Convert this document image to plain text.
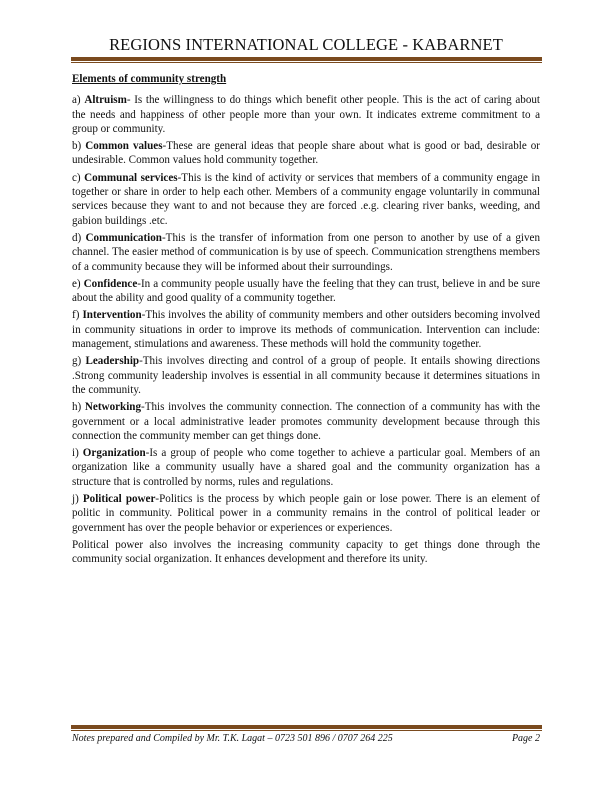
REGIONS INTERNATIONAL COLLEGE - KABARNET
Elements of community strength

a) Altruism- Is the willingness to do things which benefit other people. This is the act of caring about the needs and happiness of other people more than your own. It indicates extreme commitment to a group or community.

b) Common values-These are general ideas that people share about what is good or bad, desirable or undesirable. Common values hold community together.

c) Communal services-This is the kind of activity or services that members of a community engage in together or share in order to help each other. Members of a community engage voluntarily in communal services because they want to and not because they are forced .e.g. clearing river banks, weeding, and gabion buildings .etc.

d) Communication-This is the transfer of information from one person to another by use of a given channel. The easier method of communication is by use of speech. Communication strengthens members of a community because they will be informed about their surroundings.

e) Confidence-In a community people usually have the feeling that they can trust, believe in and be sure about the ability and good quality of a community together.

f) Intervention-This involves the ability of community members and other outsiders becoming involved in community situations in order to improve its methods of communication. Intervention can include: management, stimulations and awareness. These methods will hold the community together.

g) Leadership-This involves directing and control of a group of people. It entails showing directions .Strong community leadership involves is essential in all community because it determines situations in the community.

h) Networking-This involves the community connection. The connection of a community has with the government or a local administrative leader promotes community development because through this connection the community member can get things done.

i) Organization-Is a group of people who come together to achieve a particular goal. Members of an organization like a community usually have a shared goal and the community organization has a structure that is controlled by norms, rules and regulations.

j) Political power-Politics is the process by which people gain or lose power. There is an element of politic in community. Political power in a community remains in the control of political leader or government has over the people behavior or experiences or experiences.

Political power also involves the increasing community capacity to get things done through the community social organization. It enhances development and therefore its unity.

Notes prepared and Compiled by Mr. T.K. Lagat – 0723 501 896 / 0707 264 225	Page 2
